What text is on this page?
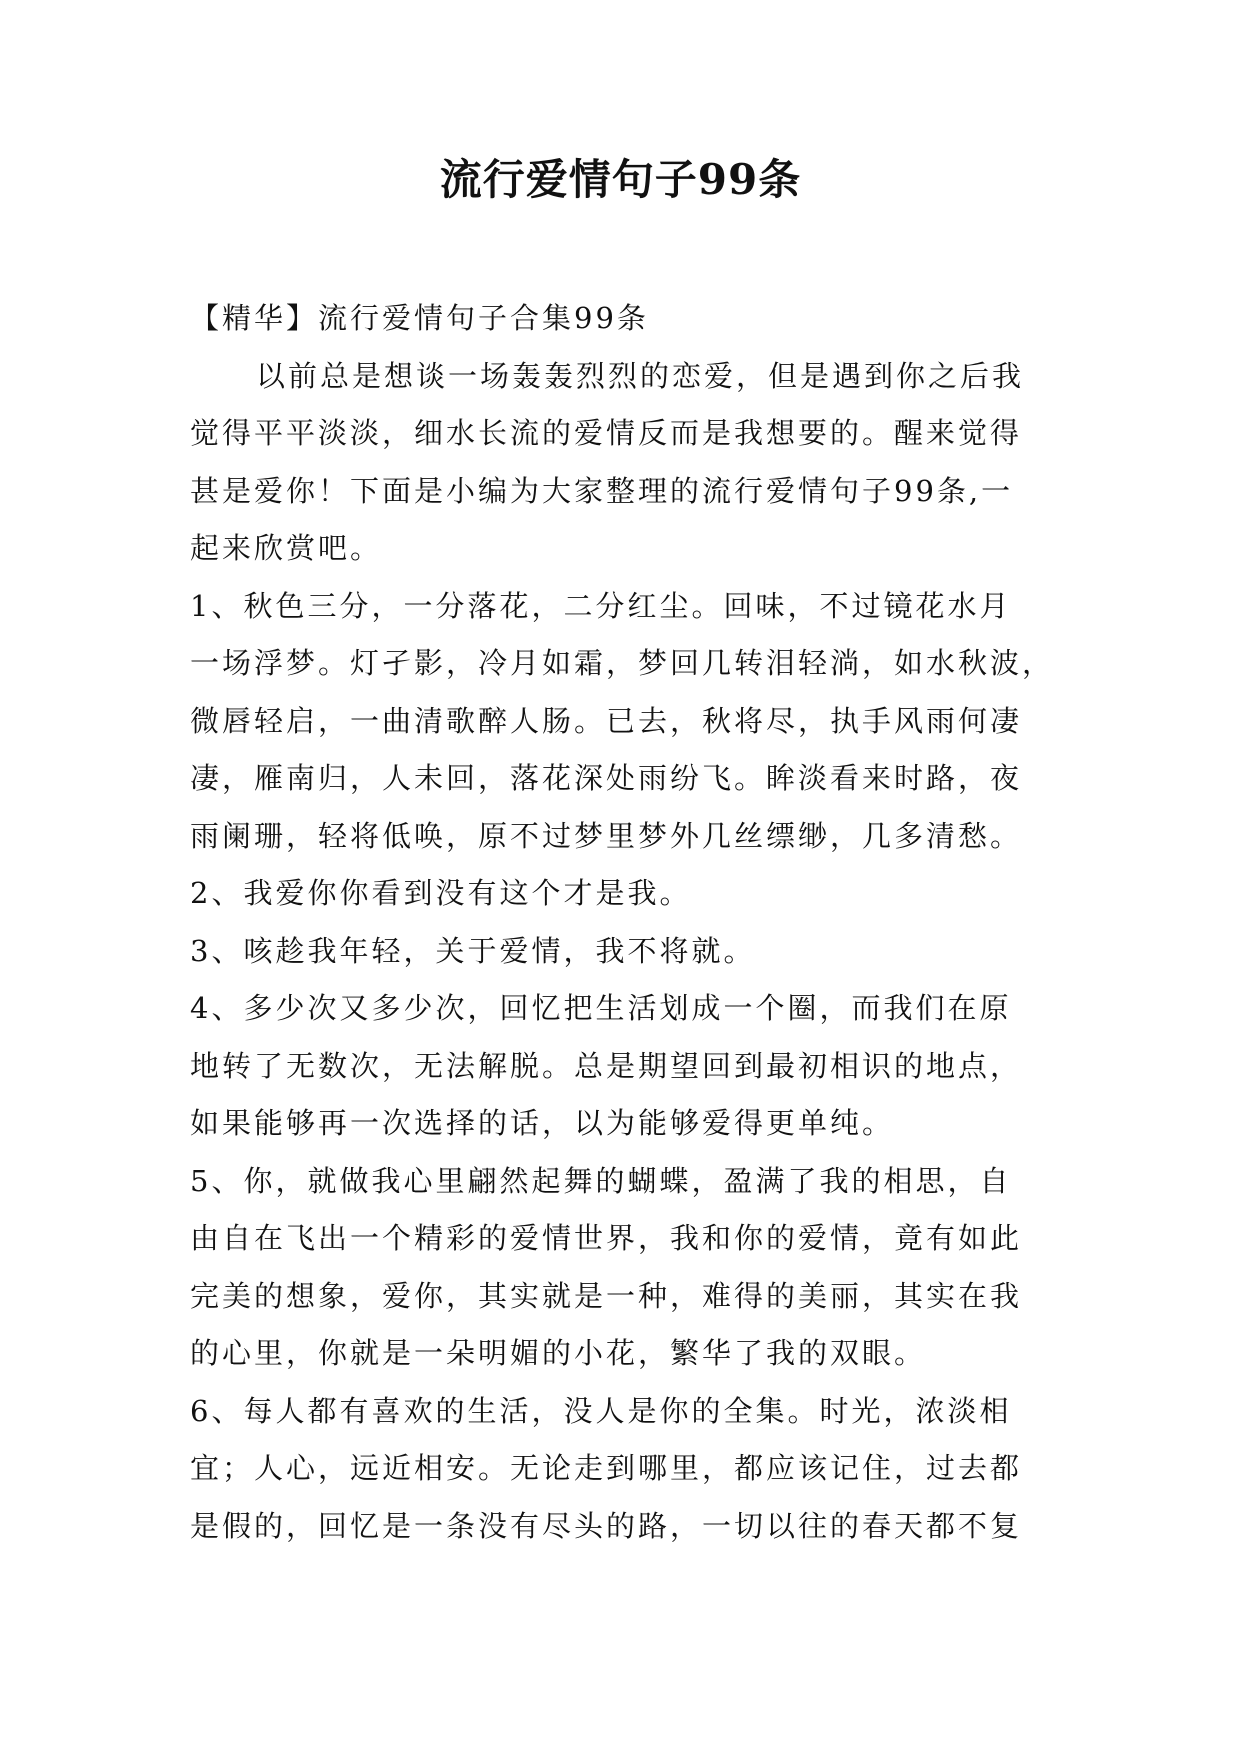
流行爱情句子99条

【精华】流行爱情句子合集99条

以前总是想谈一场轰轰烈烈的恋爱，但是遇到你之后我

觉得平平淡淡，细水长流的爱情反而是我想要的。醒来觉得

甚是爱你！下面是小编为大家整理的流行爱情句子99条,一

起来欣赏吧。

1、秋色三分，一分落花，二分红尘。回味，不过镜花水月

一场浮梦。灯孑影，冷月如霜，梦回几转泪轻淌，如水秋波，

微唇轻启，一曲清歌醉人肠。已去，秋将尽，执手风雨何凄

凄，雁南归，人未回，落花深处雨纷飞。眸淡看来时路，夜

雨阑珊，轻将低唤，原不过梦里梦外几丝缥缈，几多清愁。

2、我爱你你看到没有这个才是我。

3、咳趁我年轻，关于爱情，我不将就。

4、多少次又多少次，回忆把生活划成一个圈，而我们在原

地转了无数次，无法解脱。总是期望回到最初相识的地点，

如果能够再一次选择的话，以为能够爱得更单纯。

5、你，就做我心里翩然起舞的蝴蝶，盈满了我的相思，自

由自在飞出一个精彩的爱情世界，我和你的爱情，竟有如此

完美的想象，爱你，其实就是一种，难得的美丽，其实在我

的心里，你就是一朵明媚的小花，繁华了我的双眼。

6、每人都有喜欢的生活，没人是你的全集。时光，浓淡相

宜；人心，远近相安。无论走到哪里，都应该记住，过去都

是假的，回忆是一条没有尽头的路，一切以往的春天都不复
